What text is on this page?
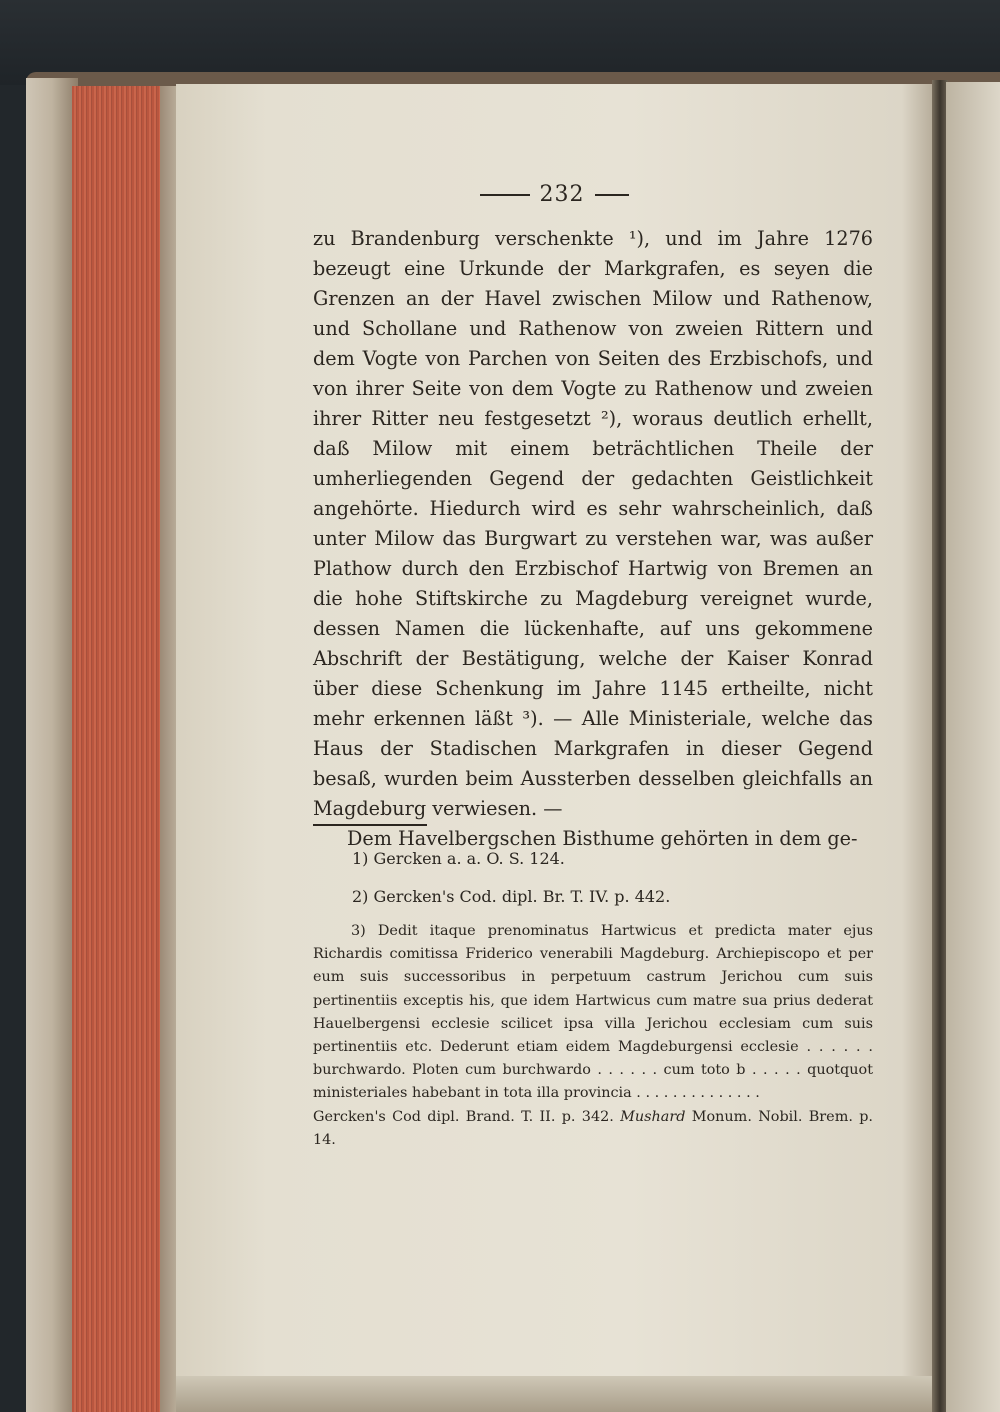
232

zu Brandenburg verschenkte ¹), und im Jahre 1276 bezeugt eine Urkunde der Markgrafen, es seyen die Grenzen an der Havel zwischen Milow und Rathenow, und Schollane und Rathenow von zweien Rittern und dem Vogte von Parchen von Seiten des Erzbischofs, und von ihrer Seite von dem Vogte zu Rathenow und zweien ihrer Ritter neu festgesetzt ²), woraus deutlich erhellt, daß Milow mit einem beträchtlichen Theile der umherliegenden Gegend der gedachten Geistlichkeit angehörte. Hiedurch wird es sehr wahrscheinlich, daß unter Milow das Burgwart zu verstehen war, was außer Plathow durch den Erzbischof Hartwig von Bremen an die hohe Stiftskirche zu Magdeburg vereignet wurde, dessen Namen die lückenhafte, auf uns gekommene Abschrift der Bestätigung, welche der Kaiser Konrad über diese Schenkung im Jahre 1145 ertheilte, nicht mehr erkennen läßt ³). — Alle Ministeriale, welche das Haus der Stadischen Markgrafen in dieser Gegend besaß, wurden beim Aussterben desselben gleichfalls an Magdeburg verwiesen. —

Dem Havelbergschen Bisthume gehörten in dem ge-

1) Gercken a. a. O. S. 124.
2) Gercken's Cod. dipl. Br. T. IV. p. 442.

3) Dedit itaque prenominatus Hartwicus et predicta mater ejus Richardis comitissa Friderico venerabili Magdeburg. Archiepiscopo et per eum suis successoribus in perpetuum castrum Jerichou cum suis pertinentiis exceptis his, que idem Hartwicus cum matre sua prius dederat Hauelbergensi ecclesie scilicet ipsa villa Jerichou ecclesiam cum suis pertinentiis etc. Dederunt etiam eidem Magdeburgensi ecclesie . . . . . . burchwardo. Ploten cum burchwardo . . . . . . cum toto b . . . . . quotquot ministeriales habebant in tota illa provincia . . . . . . . . . . . . . .

Gercken's Cod dipl. Brand. T. II. p. 342. Mushard Monum. Nobil. Brem. p. 14.
